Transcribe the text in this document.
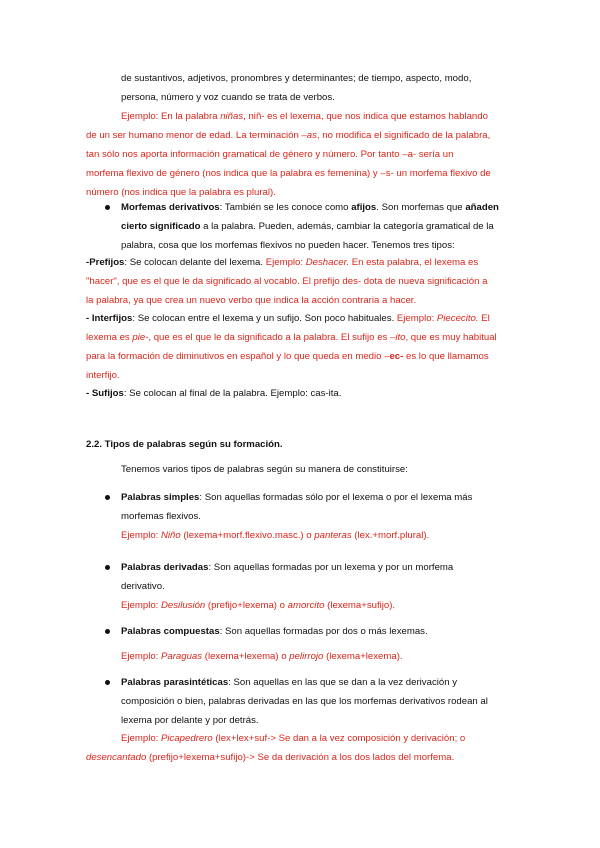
de sustantivos, adjetivos, pronombres y determinantes; de tiempo, aspecto, modo,

persona, número y voz cuando se trata de verbos.

Ejemplo: En la palabra niñas, niñ- es el lexema, que nos indica que estamos hablando

de un ser humano menor de edad. La terminación –as, no modifica el significado de la palabra,

tan sólo nos aporta información gramatical de género y número. Por tanto –a- sería un

morfema flexivo de género (nos indica que la palabra es femenina) y –s- un morfema flexivo de

número (nos indica que la palabra es plural).

Morfemas derivativos: También se les conoce como afijos. Son morfemas que añaden

cierto significado a la palabra. Pueden, además, cambiar la categoría gramatical de la

palabra, cosa que los morfemas flexivos no pueden hacer. Tenemos tres tipos:

-Prefijos: Se colocan delante del lexema. Ejemplo: Deshacer. En esta palabra, el lexema es

"hacer", que es el que le da significado al vocablo. El prefijo des- dota de nueva significación a

la palabra, ya que crea un nuevo verbo que indica la acción contraria a hacer.

- Interfijos: Se colocan entre el lexema y un sufijo. Son poco habituales. Ejemplo: Piececito. El

lexema es pie-, que es el que le da significado a la palabra. El sufijo es –ito, que es muy habitual

para la formación de diminutivos en español y lo que queda en medio –ec- es lo que llamamos

interfijo.

- Sufijos: Se colocan al final de la palabra. Ejemplo: cas-ita.

2.2. Tipos de palabras según su formación.

Tenemos varios tipos de palabras según su manera de constituirse:

Palabras simples: Son aquellas formadas sólo por el lexema o por el lexema más

morfemas flexivos.

Ejemplo: Niño (lexema+morf.flexivo.masc.) o panteras (lex.+morf.plural).

Palabras derivadas: Son aquellas formadas por un lexema y por un morfema

derivativo.

Ejemplo: Desilusión (prefijo+lexema) o amorcito (lexema+sufijo).

Palabras compuestas: Son aquellas formadas por dos o más lexemas.

Ejemplo: Paraguas (lexema+lexema) o pelirrojo (lexema+lexema).

Palabras parasintéticas: Son aquellas en las que se dan a la vez derivación y

composición o bien, palabras derivadas en las que los morfemas derivativos rodean al

lexema por delante y por detrás.

Ejemplo: Picapedrero (lex+lex+suf-> Se dan a la vez composición y derivación; o

desencantado (prefijo+lexema+sufijo)-> Se da derivación a los dos lados del morfema.
